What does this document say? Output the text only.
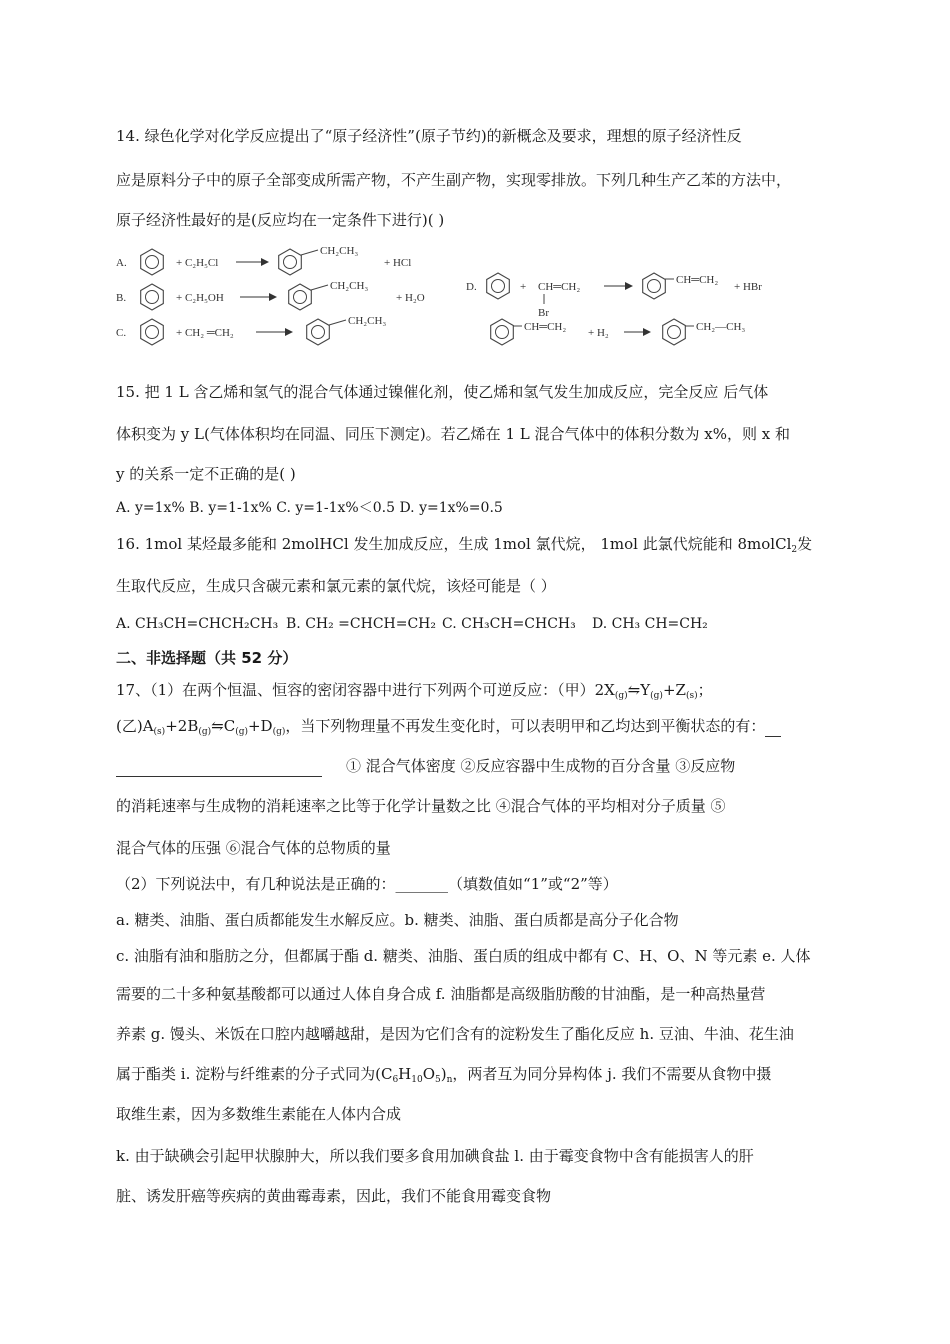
14. 绿色化学对化学反应提出了“原子经济性”(原子节约)的新概念及要求，理想的原子经济性反
应是原料分子中的原子全部变成所需产物，不产生副产物，实现零排放。下列几种生产乙苯的方法中，
原子经济性最好的是(反应均在一定条件下进行)( )
A.	+ C₂H₅Cl
CH₂CH₃
+ HCl
B.	+ C₂H₅OH
CH₂CH₃
+ H₂O
C.	+ CH₂ ═CH₂
CH₂CH₃
D.	+ CH═CH₂
Br
CH═CH₂
+ HBr
CH═CH₂ + H₂	CH₂—CH₃
15. 把 1 L 含乙烯和氢气的混合气体通过镍催化剂，使乙烯和氢气发生加成反应，完全反应 后气体
体积变为 y L(气体体积均在同温、同压下测定)。若乙烯在 1 L 混合气体中的体积分数为 x%，则 x 和
y 的关系一定不正确的是( )
A. y=1x% B. y=1-1x% C. y=1-1x%＜0.5 D. y=1x%=0.5
16. 1mol 某烃最多能和 2molHCl 发生加成反应，生成 1mol 氯代烷， 1mol 此氯代烷能和 8molCl$_2$发
生取代反应，生成只含碳元素和氯元素的氯代烷，该烃可能是（ ）
A. CH₃CH=CHCH₂CH₃ B. CH₂ =CHCH=CH₂ C. CH₃CH=CHCH₃ D. CH₃ CH=CH₂
二、非选择题（共 52 分）
17、（1）在两个恒温、恒容的密闭容器中进行下列两个可逆反应：（甲）$2X_{(g)}⇋Y_{(g)}+Z_{(s)}$；
(乙)$A_{(s)}+2B_{(g)}⇋C_{(g)}+D_{(g)}$，当下列物理量不再发生变化时，可以表明甲和乙均达到平衡状态的有：
① 混合气体密度 ②反应容器中生成物的百分含量 ③反应物
的消耗速率与生成物的消耗速率之比等于化学计量数之比 ④混合气体的平均相对分子质量 ⑤
混合气体的压强 ⑥混合气体的总物质的量
（2）下列说法中，有几种说法是正确的：_______（填数值如“1”或“2”等）
a. 糖类、油脂、蛋白质都能发生水解反应。b. 糖类、油脂、蛋白质都是高分子化合物
c. 油脂有油和脂肪之分，但都属于酯 d. 糖类、油脂、蛋白质的组成中都有 C、H、O、N 等元素 e. 人体
需要的二十多种氨基酸都可以通过人体自身合成 f. 油脂都是高级脂肪酸的甘油酯，是一种高热量营
养素 g. 馒头、米饭在口腔内越嚼越甜，是因为它们含有的淀粉发生了酯化反应 h. 豆油、牛油、花生油
属于酯类 i. 淀粉与纤维素的分子式同为$(C_6H_{10}O_5)_n$，两者互为同分异构体 j. 我们不需要从食物中摄
取维生素，因为多数维生素能在人体内合成
k. 由于缺碘会引起甲状腺肿大，所以我们要多食用加碘食盐 l. 由于霉变食物中含有能损害人的肝
脏、诱发肝癌等疾病的黄曲霉毒素，因此，我们不能食用霉变食物
